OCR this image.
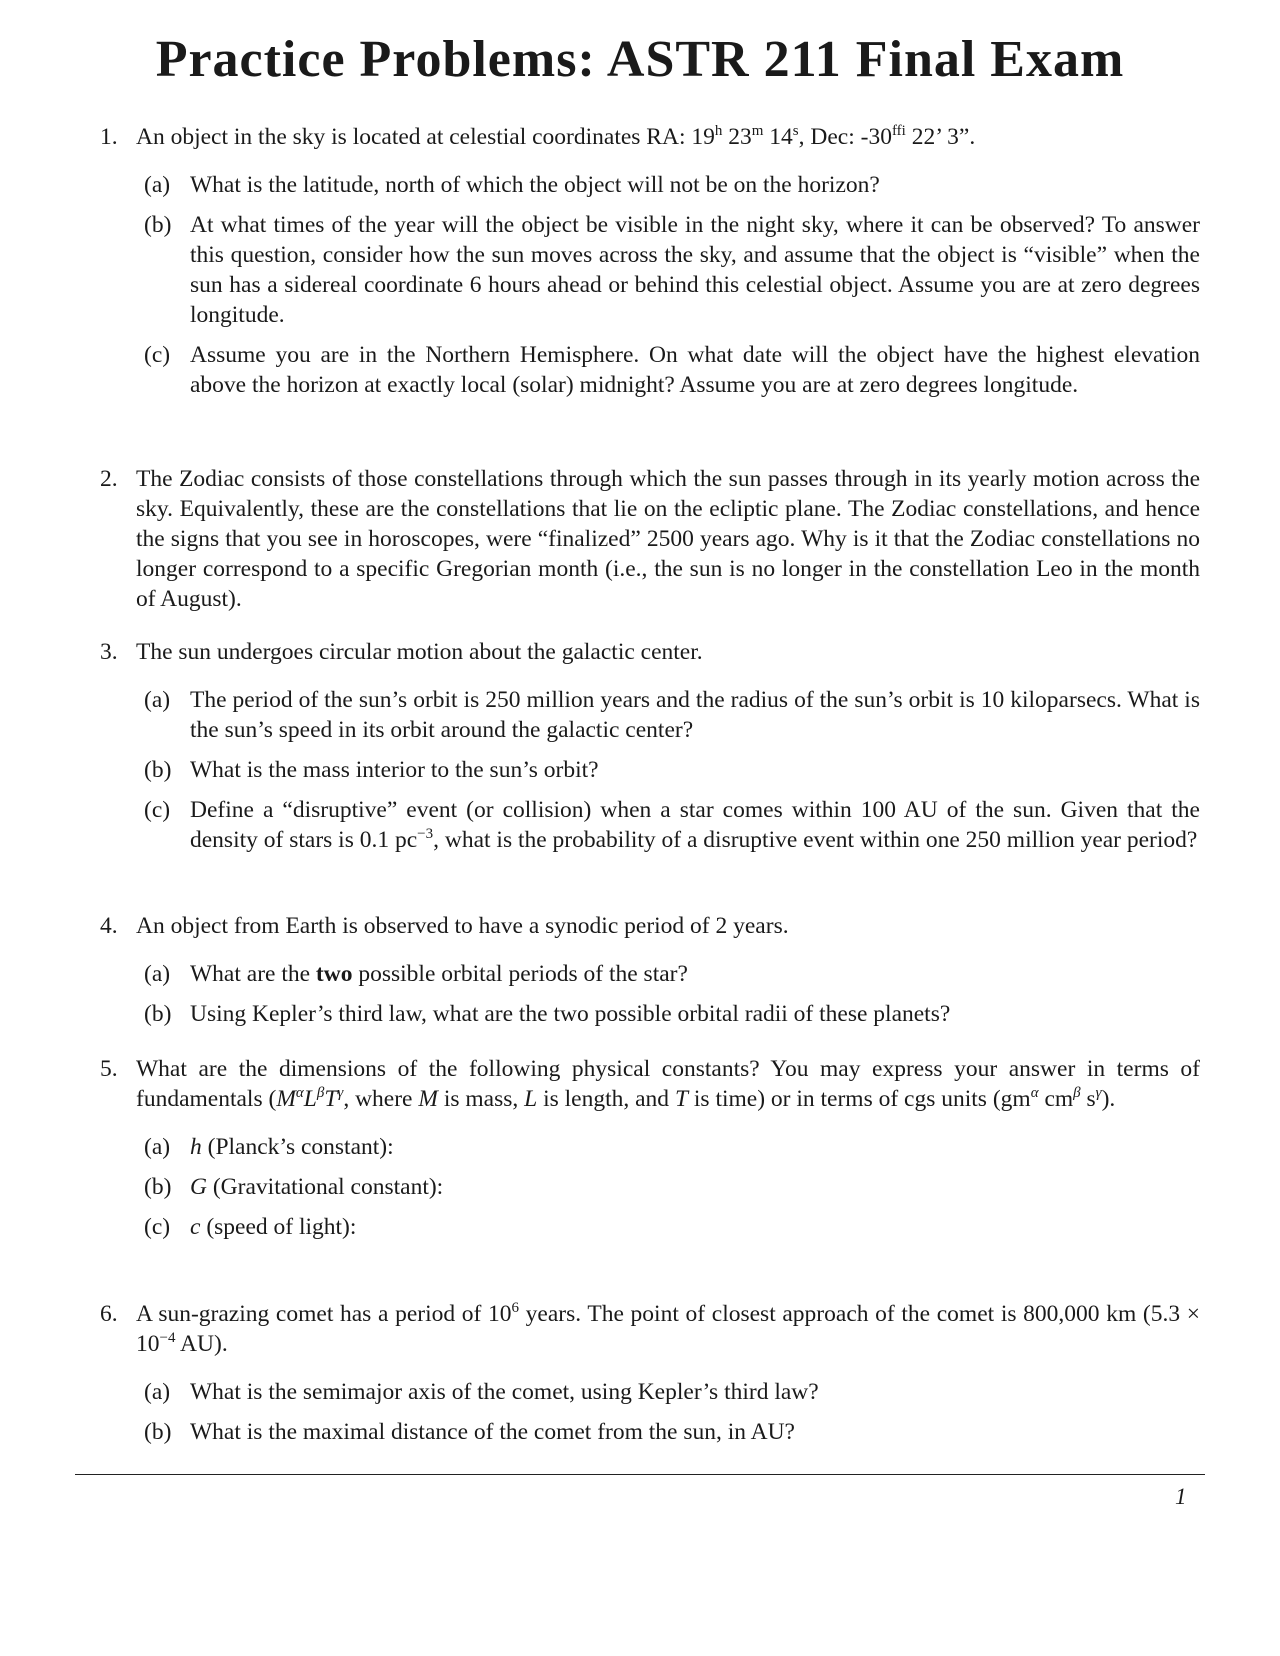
Practice Problems: ASTR 211 Final Exam
1. An object in the sky is located at celestial coordinates RA: 19$^h$ 23$^m$ 14$^s$, Dec: $-30^{ffi}$ 22’ 3”.
(a) What is the latitude, north of which the object will not be on the horizon?
(b) At what times of the year will the object be visible in the night sky, where it can be observed? To answer this question, consider how the sun moves across the sky, and assume that the object is “visible” when the sun has a sidereal coordinate 6 hours ahead or behind this celestial object. Assume you are at zero degrees longitude.
(c) Assume you are in the Northern Hemisphere. On what date will the object have the highest elevation above the horizon at exactly local (solar) midnight? Assume you are at zero degrees longitude.
2. The Zodiac consists of those constellations through which the sun passes through in its yearly motion across the sky. Equivalently, these are the constellations that lie on the ecliptic plane. The Zodiac constellations, and hence the signs that you see in horoscopes, were “finalized” 2500 years ago. Why is it that the Zodiac constellations no longer correspond to a specific Gregorian month (i.e., the sun is no longer in the constellation Leo in the month of August).
3. The sun undergoes circular motion about the galactic center.
(a) The period of the sun’s orbit is 250 million years and the radius of the sun’s orbit is 10 kiloparsecs. What is the sun’s speed in its orbit around the galactic center?
(b) What is the mass interior to the sun’s orbit?
(c) Define a “disruptive” event (or collision) when a star comes within 100 AU of the sun. Given that the density of stars is 0.1 $pc^{-3}$, what is the probability of a disruptive event within one 250 million year period?
4. An object from Earth is observed to have a synodic period of 2 years.
(a) What are the two possible orbital periods of the star?
(b) Using Kepler’s third law, what are the two possible orbital radii of these planets?
5. What are the dimensions of the following physical constants? You may express your answer in terms of fundamentals ($M^\alpha L^\beta T^\gamma$, where M is mass, L is length, and T is time) or in terms of cgs units ($gm^\alpha$ $cm^\beta$ $s^\gamma$).
(a) h (Planck’s constant):
(b) G (Gravitational constant):
(c) c (speed of light):
6. A sun-grazing comet has a period of $10^6$ years. The point of closest approach of the comet is 800,000 km ($5.3 \times 10^{-4}$ AU).
(a) What is the semimajor axis of the comet, using Kepler’s third law?
(b) What is the maximal distance of the comet from the sun, in AU?
1
